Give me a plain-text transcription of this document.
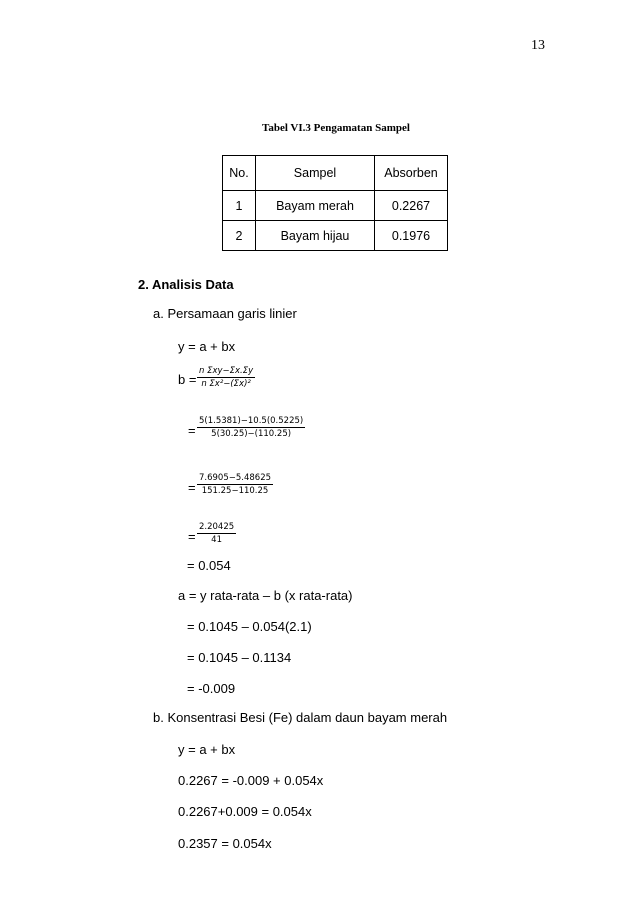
13
Tabel VI.3 Pengamatan Sampel
No.	Sampel	Absorben
1	Bayam merah	0.2267
2	Bayam hijau	0.1976
2. Analisis Data
a. Persamaan garis linier
y = a + bx
b =
n Σxy−Σx.Σy
n Σx²−(Σx)²
= $\frac{5(1.5381)-10.5(0.5225)}{5(30.25)-(110.25)}$
= $\frac{7.6905-5.48625}{151.25-110.25}$
= $\frac{2.20425}{41}$
= 0.054
a = y rata-rata – b (x rata-rata)
= 0.1045 – 0.054(2.1)
= 0.1045 – 0.1134
= -0.009
b. Konsentrasi Besi (Fe) dalam daun bayam merah
y = a + bx
0.2267 = -0.009 + 0.054x
0.2267+0.009 = 0.054x
0.2357 = 0.054x
